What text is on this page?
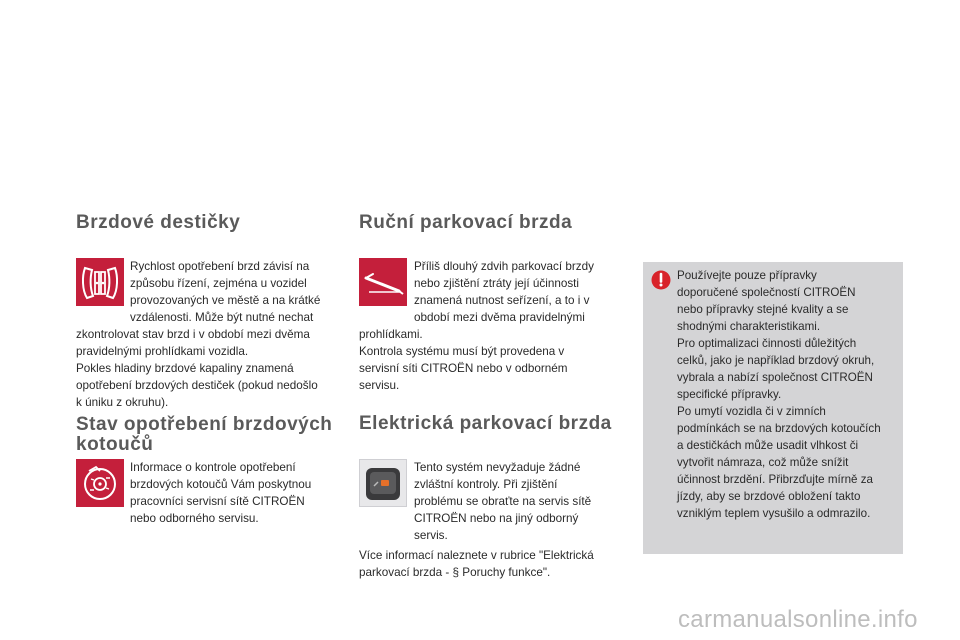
Brzdové destičky
Rychlost opotřebení brzd závisí na
způsobu řízení, zejména u vozidel
provozovaných ve městě a na krátké
vzdálenosti. Může být nutné nechat
zkontrolovat stav brzd i v období mezi dvěma
pravidelnými prohlídkami vozidla.
Pokles hladiny brzdové kapaliny znamená
opotřebení brzdových destiček (pokud nedošlo
k úniku z okruhu).
Stav opotřebení brzdových
kotoučů
Informace o kontrole opotřebení
brzdových kotoučů Vám poskytnou
pracovníci servisní sítě CITROËN
nebo odborného servisu.
Ruční parkovací brzda
Příliš dlouhý zdvih parkovací brzdy
nebo zjištění ztráty její účinnosti
znamená nutnost seřízení, a to i v
období mezi dvěma pravidelnými
prohlídkami.
Kontrola systému musí být provedena v
servisní síti CITROËN nebo v odborném
servisu.
Elektrická parkovací brzda
Tento systém nevyžaduje žádné
zvláštní kontroly. Při zjištění
problému se obraťte na servis sítě
CITROËN nebo na jiný odborný
servis.
Více informací naleznete v rubrice "Elektrická
parkovací brzda - § Poruchy funkce".
Používejte pouze přípravky
doporučené společností CITROËN
nebo přípravky stejné kvality a se
shodnými charakteristikami.
Pro optimalizaci činnosti důležitých
celků, jako je například brzdový okruh,
vybrala a nabízí společnost CITROËN
specifické přípravky.
Po umytí vozidla či v zimních
podmínkách se na brzdových kotoučích
a destičkách může usadit vlhkost či
vytvořit námraza, což může snížit
účinnost brzdění. Přibrzďujte mírně za
jízdy, aby se brzdové obložení takto
vzniklým teplem vysušilo a odmrazilo.
carmanualsonline.info
